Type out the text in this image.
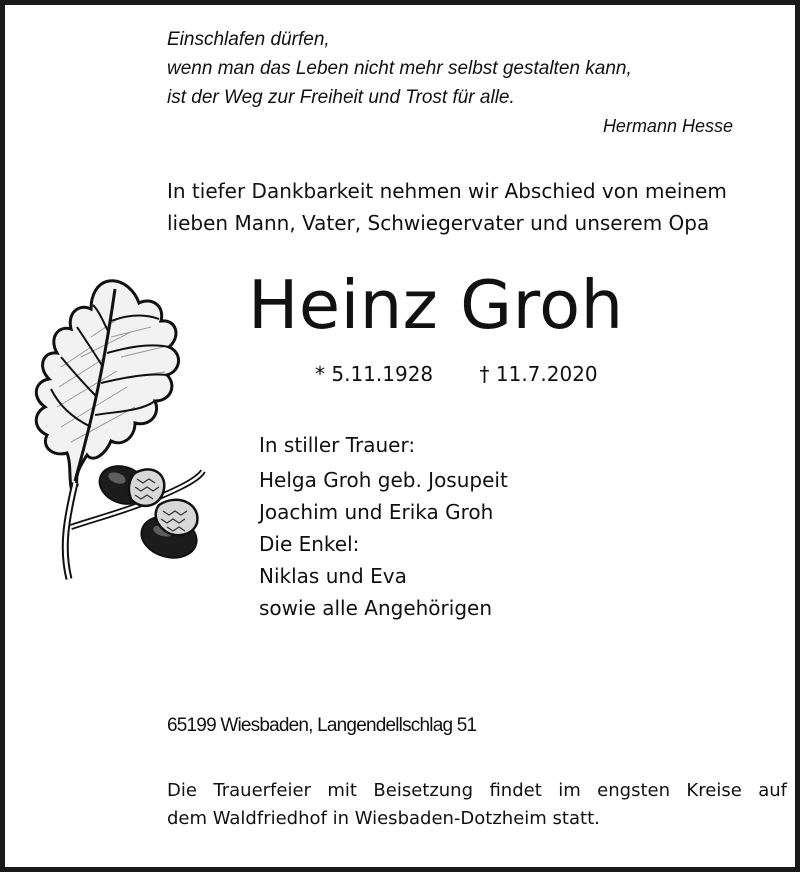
Einschlafen dürfen,
wenn man das Leben nicht mehr selbst gestalten kann,
ist der Weg zur Freiheit und Trost für alle.
Hermann Hesse
In tiefer Dankbarkeit nehmen wir Abschied von meinem
lieben Mann, Vater, Schwiegervater und unserem Opa
Heinz Groh
* 5.11.1928 † 11.7.2020
In stiller Trauer:
Helga Groh geb. Josupeit
Joachim und Erika Groh
Die Enkel:
Niklas und Eva
sowie alle Angehörigen
65199 Wiesbaden, Langendellschlag 51
Die Trauerfeier mit Beisetzung findet im engsten Kreise auf
dem Waldfriedhof in Wiesbaden-Dotzheim statt.
